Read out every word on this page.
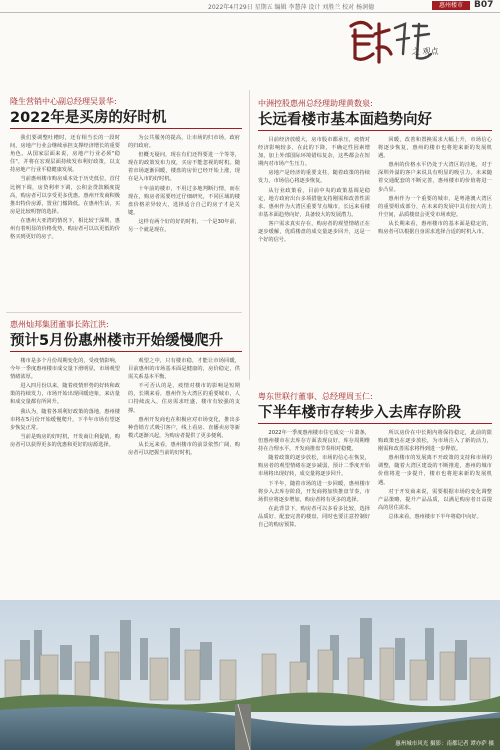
2022年4月29日 星期五 编辑 李慧萍 设计 刘胜兰 校对 杨润德	惠州楼市	B07
之 观点
隆生营销中心副总经理吴景华:
2022年是买房的好时机

我们要调整吐槽时，还有相当长的一段时间，房地产行业会继续承担支撑经济增长的重要角色。从国家层面来说，房地产行业必须"稳住"，并将在宏观层面持续发布利好政策，以支持房地产行业平稳健康发展。

当前惠州楼市购房成本处于历史低位，首付比例下调，房贷利率下调，公积金贷款额度提高，购房者可以享受更多优惠。惠州开发商积极推出特价房源，置业门槛降低。在惠州生活，买房是比较明智的选择。

在惠州大亚湾的情况下，相比较于深圳，惠州有着明显的价格优势，购房者可以以更低的价格买到更好的房子。

为公共服务的提高，让市场的归市场，政府的归政府。

但概无疑问，现在有们还得要进一个等等，现在的政策发布力度，买房不能忽视的时机。随着市场逐渐回暖，楼盘的房价已经开始上涨，现在是入市的好时机。

十年前的楼市，不用过多地判断行情，而在现在，购房者需要经过仔细研究，不同区域的楼盘价格差异较大，选择适合自己的房子才是关键。

这样有两个好的好的时机，一个是30年前，另一个就是现在。

中洲控股惠州总经理助理黄数泉:
长远看楼市基本面趋势向好

目前经济放缓大，房市股市都承压，疫情对经济影响较多，在此的下降，不确定性因素增加，加上外部国际环境错综复杂，这些都会在短期内对市场产生压力。

房地产是经济的重要支柱，随着政策的持续发力，市场信心将逐步恢复。

从行业政策看，目前中央的政策基调是稳定，地方政府出台多项措施支持刚需和改善性需求。惠州作为大湾区重要节点城市，长远来看楼市基本面趋势向好，具备较大的发展潜力。

客户需求真实存在，购房者的观望情绪正在逐步缓解，优质楼盘的成交量逐步回升，这是一个好的信号。

回暖，改善和置换需求大幅上升，市场信心将逐步恢复，惠州的楼市也将迎来新的发展机遇。

惠州的价格水平仍处于大湾区的洼地，对于深圳外溢的客户来说具有明显的吸引力。未来随着交通配套的不断完善，惠州楼市的价值将进一步凸显。

惠州作为一个重要的城市，是粤港澳大湾区的重要组成部分，在未来的发展中具有较大的上升空间，品质楼盘会更受市场欢迎。

从长期来看，惠州楼市的基本面是稳定的，购房者可以根据自身需求选择合适的时机入市。

惠州灿邦集团董事长陈江洪:
预计5月份惠州楼市开始缓慢爬升

楼市是多个月份周期变化的，受疫情影响，今年一季度惠州楼市成交量下滑明显，市场观望情绪浓厚。

进入四月份以来，随着疫情形势的好转和政策的持续发力，市场开始出现回暖迹象，来访量和成交量都有所回升。

我认为，随着各项利好政策的落地，惠州楼市将在5月份开始缓慢爬升，下半年市场有望逐步恢复正常。

当前是购房的好时机，开发商让利促销，购房者可以获得更多的优惠和更好的房源选择。

观望之中，只有楼市稳，才能让市场回暖，目前惠州的市场基本面是健康的，房价稳定，供需关系基本平衡。

不可否认的是，疫情对楼市的影响是短期的，长期来看，惠州作为大湾区的重要城市，人口持续流入，住房需求旺盛，楼市有较强的支撑。

惠州开发商也在积极应对市场变化，推出多种营销方式吸引客户，线上看房、直播卖房等新模式逐渐兴起，为购房者提供了更多便利。

从长远来看，惠州楼市的前景依然广阔，购房者可以把握当前的好时机。

粤东世联行董事、总经理周玉仁:
下半年楼市存转步入去库存阶段

2022年一季度惠州楼市住宅成交一片萧条，但惠州楼市在去库存方面表现良好，库存周期维持在合理水平，开发商推盘节奏相对稳健。

随着政策的逐步放松，市场的信心在恢复，购房者的观望情绪在逐步减弱，预计二季度开始市场将出现好转，成交量将逐步回升。

下半年，随着市场的进一步回暖，惠州楼市将步入去库存阶段，开发商将加快推盘节奏，市场供应将逐步增加，购房者将有更多的选择。

在此背景下，购房者可以多看多比较，选择品质好、配套完善的楼盘，同时也要注意控制好自己的购房预算。

所以房价在中长期内将保持稳定，此前的限购政策也在逐步放松，为市场注入了新的活力，刚需和改善需求将得到进一步释放。

惠州楼市的发展离不开政策的支持和市场的调整，随着大湾区建设的不断推进，惠州的城市价值将进一步提升，楼市也将迎来新的发展机遇。

对于开发商来说，需要根据市场的变化调整产品策略，提升产品品质，以满足购房者日益提高的居住需求。

总体来看，惠州楼市下半年将稳中向好。

惠州城市风光 摄影：南都记者 谭亦萨 摄
